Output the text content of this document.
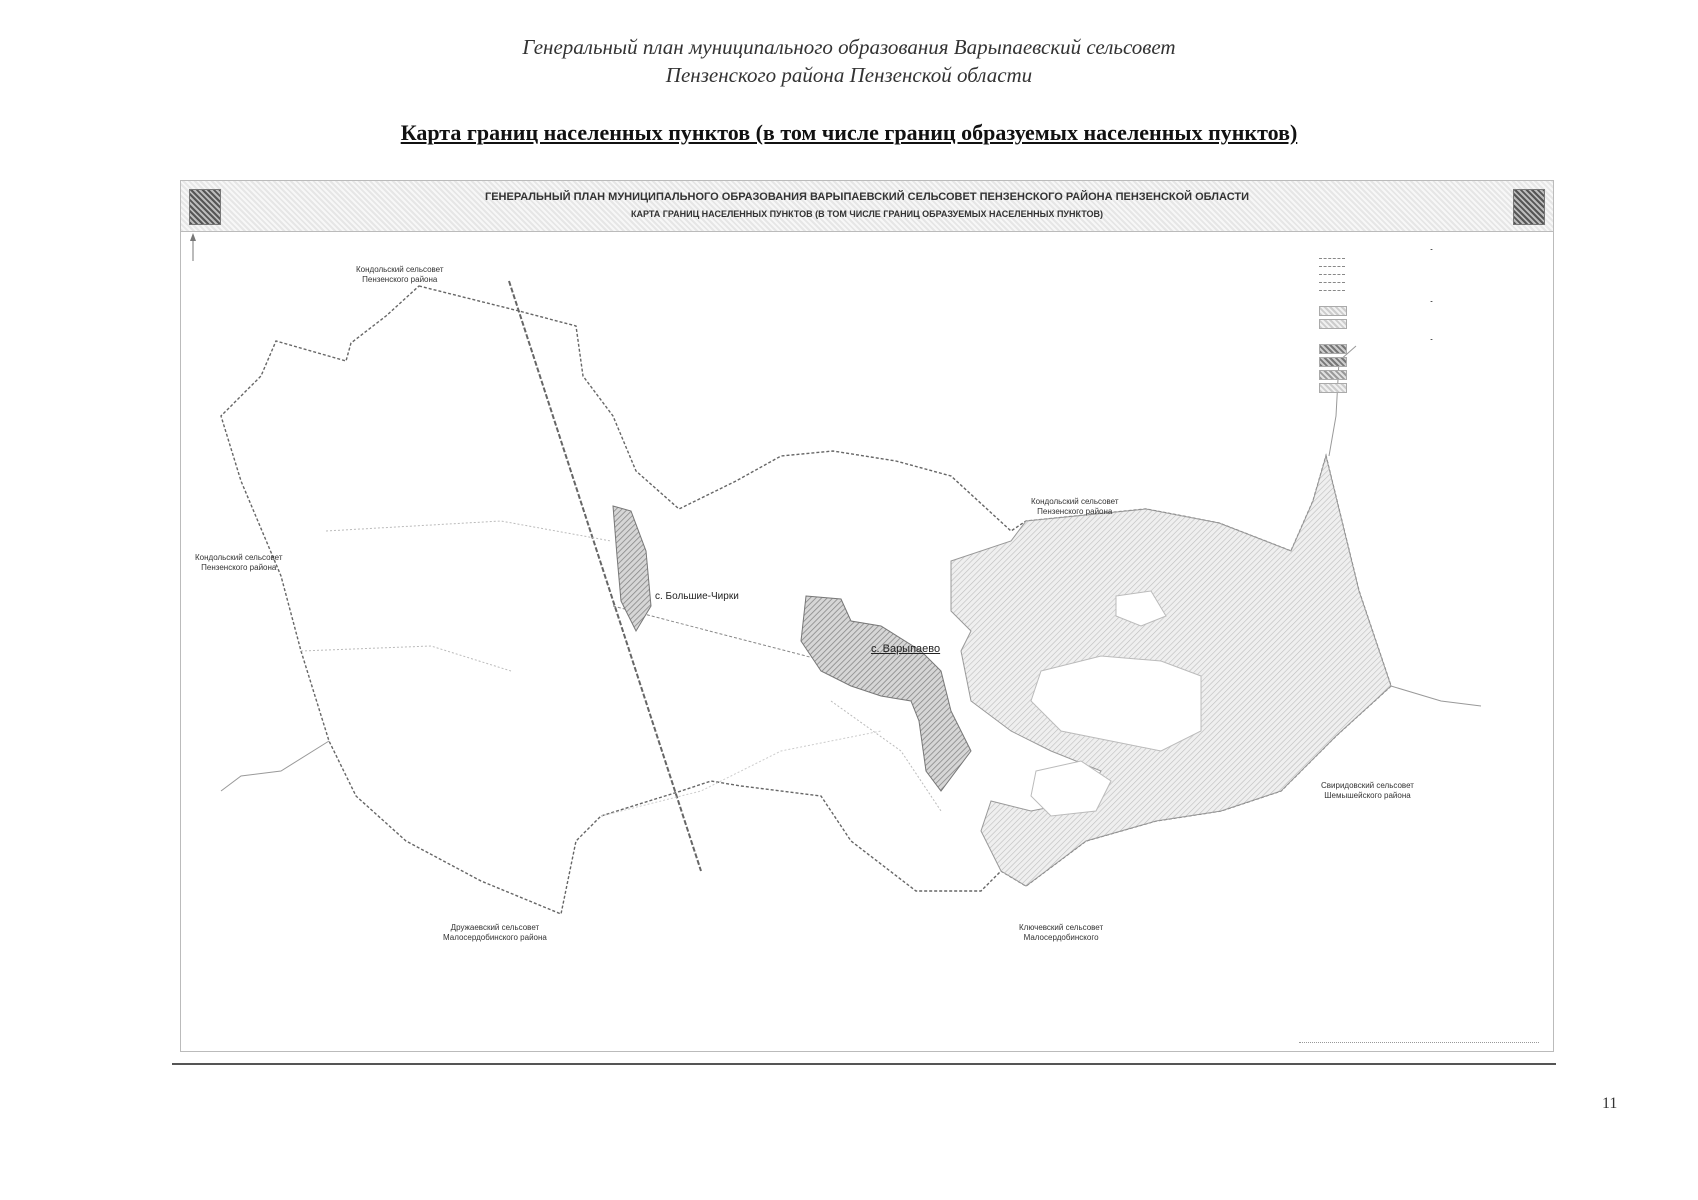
Генеральный план муниципального образования Варыпаевский сельсовет
Пензенского района Пензенской области
Карта границ населенных пунктов (в том числе границ образуемых населенных пунктов)
ГЕНЕРАЛЬНЫЙ ПЛАН МУНИЦИПАЛЬНОГО ОБРАЗОВАНИЯ ВАРЫПАЕВСКИЙ СЕЛЬСОВЕТ ПЕНЗЕНСКОГО РАЙОНА ПЕНЗЕНСКОЙ ОБЛАСТИ
КАРТА ГРАНИЦ НАСЕЛЕННЫХ ПУНКТОВ (В ТОМ ЧИСЛЕ ГРАНИЦ ОБРАЗУЕМЫХ НАСЕЛЕННЫХ ПУНКТОВ)
Кондольский сельсовет
Пензенского района
Кондольский сельсовет
Пензенского района
Кондольский сельсовет
Пензенского района
Дружаевский сельсовет
Малосердобинского района
Ключевский сельсовет
Малосердобинского
Свиридовский сельсовет
Шемышейского района
с. Большие-Чирки
с. Варыпаево

11
